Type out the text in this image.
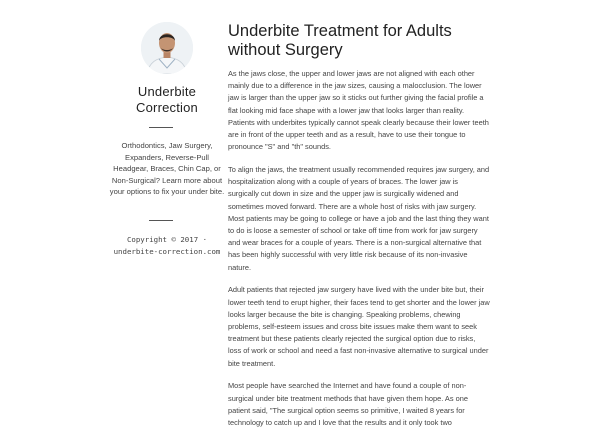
Underbite Correction
Orthodontics, Jaw Surgery, Expanders, Reverse-Pull Headgear, Braces, Chin Cap, or Non-Surgical? Learn more about your options to fix your under bite.
Copyright © 2017 · underbite-correction.com
Underbite Treatment for Adults without Surgery

As the jaws close, the upper and lower jaws are not aligned with each other mainly due to a difference in the jaw sizes, causing a malocclusion. The lower jaw is larger than the upper jaw so it sticks out further giving the facial profile a flat looking mid face shape with a lower jaw that looks larger than reality. Patients with underbites typically cannot speak clearly because their lower teeth are in front of the upper teeth and as a result, have to use their tongue to pronounce "S" and "th" sounds.

To align the jaws, the treatment usually recommended requires jaw surgery, and hospitalization along with a couple of years of braces. The lower jaw is surgically cut down in size and the upper jaw is surgically widened and sometimes moved forward. There are a whole host of risks with jaw surgery. Most patients may be going to college or have a job and the last thing they want to do is loose a semester of school or take off time from work for jaw surgery and wear braces for a couple of years. There is a non-surgical alternative that has been highly successful with very little risk because of its non-invasive nature.

Adult patients that rejected jaw surgery have lived with the under bite but, their lower teeth tend to erupt higher, their faces tend to get shorter and the lower jaw looks larger because the bite is changing. Speaking problems, chewing problems, self-esteem issues and cross bite issues make them want to seek treatment but these patients clearly rejected the surgical option due to risks, loss of work or school and need a fast non-invasive alternative to surgical under bite treatment.

Most people have searched the Internet and have found a couple of non-surgical under bite treatment methods that have given them hope. As one patient said, "The surgical option seems so primitive, I waited 8 years for technology to catch up and I love that the results and it only took two
